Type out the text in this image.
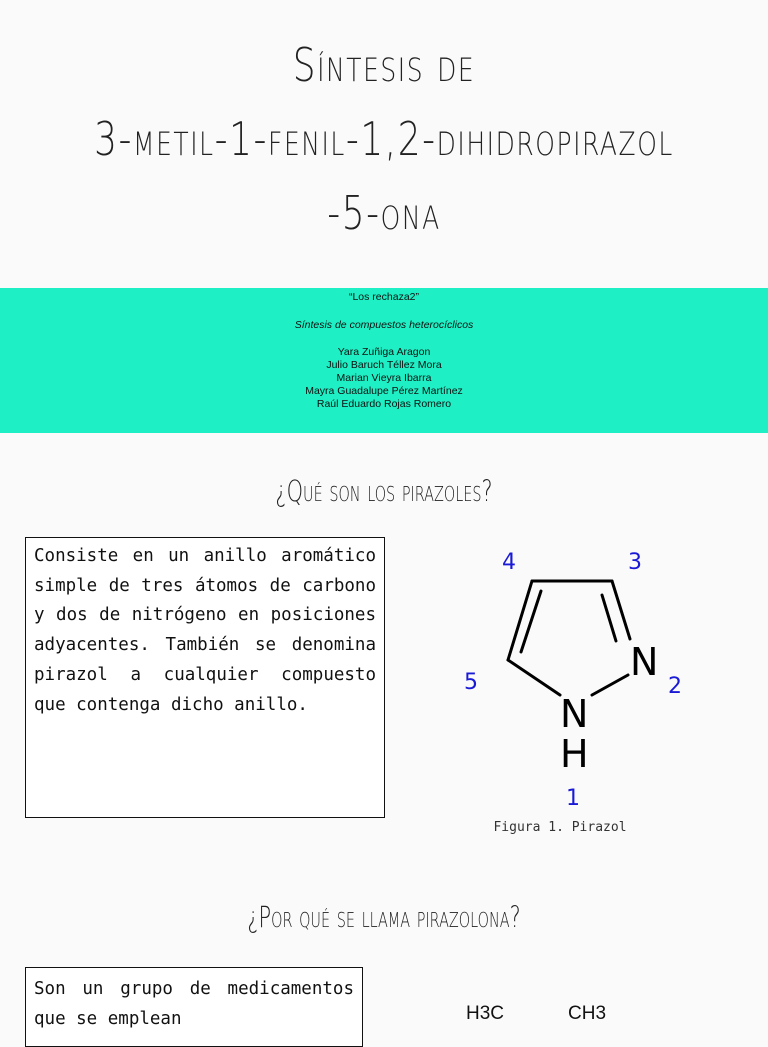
Síntesis de
3-metil-1-fenil-1,2-dihidropirazol
-5-ona
“Los rechaza2”
Síntesis de compuestos heterocíclicos
Yara Zuñiga Aragon
Julio Baruch Téllez Mora
Marian Vieyra Ibarra
Mayra Guadalupe Pérez Martínez
Raúl Eduardo Rojas Romero
¿Qué son los pirazoles?
Consiste en un anillo aromático simple de tres átomos de carbono y dos de nitrógeno en posiciones adyacentes. También se denomina pirazol a cualquier compuesto que contenga dicho anillo.
N
N
H
4	3
5	2
1
Figura 1. Pirazol
¿Por qué se llama pirazolona?
Son un grupo de medicamentos que se emplean	H3C	CH3
